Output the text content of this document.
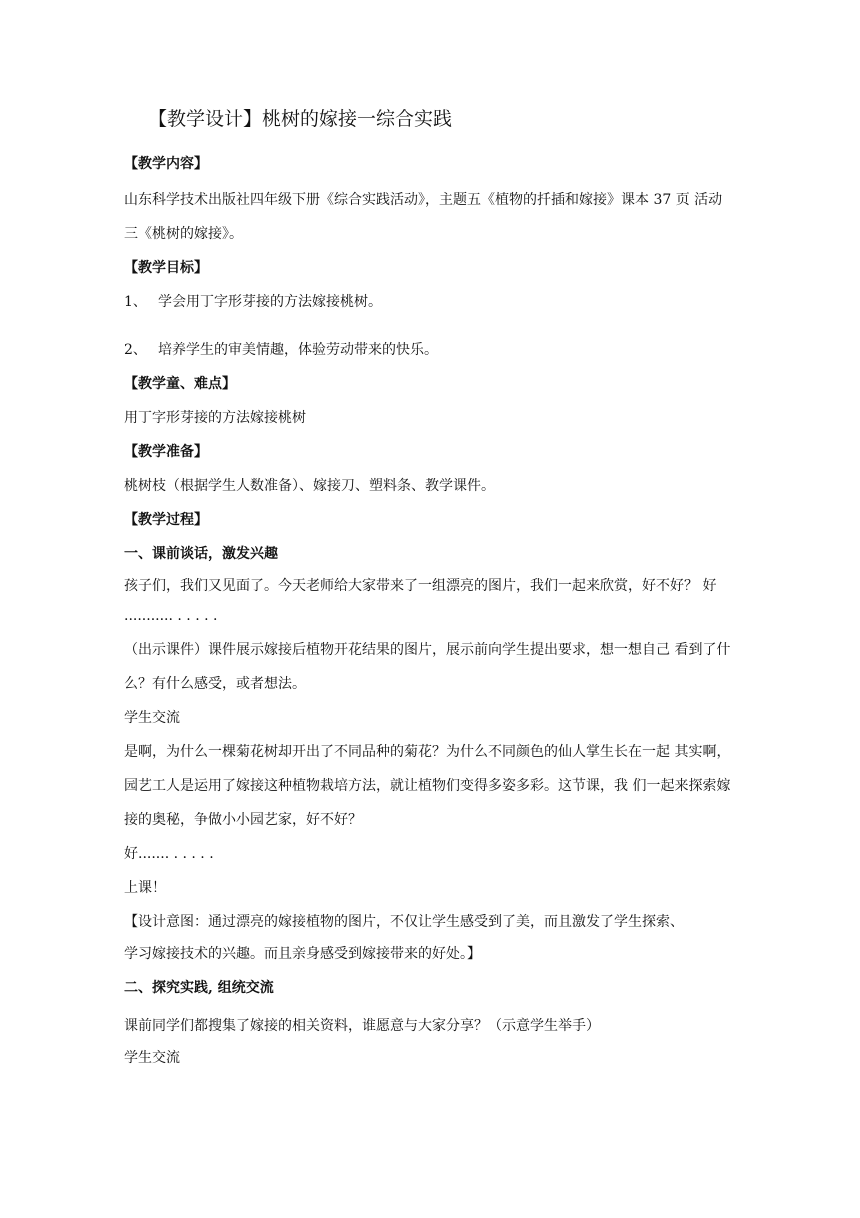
【教学设计】桃树的嫁接一综合实践
【教学内容】
山东科学技术出版社四年级下册《综合实践活动》，主题五《植物的扦插和嫁接》课本 37 页 活动
三《桃树的嫁接》。
【教学目标】
1、 学会用丁字形芽接的方法嫁接桃树。
2、 培养学生的审美情趣，体验劳动带来的快乐。
【教学童、难点】
用丁字形芽接的方法嫁接桃树
【教学准备】
桃树枝（根据学生人数准备）、嫁接刀、塑料条、教学课件。
【教学过程】
一、课前谈话，激发兴趣
孩子们，我们又见面了。今天老师给大家带来了一组漂亮的图片，我们一起来欣赏，好不好？ 好
........... . . . . .
（出示课件）课件展示嫁接后植物开花结果的图片，展示前向学生提出要求，想一想自己 看到了什
么？有什么感受，或者想法。
学生交流
是啊，为什么一棵菊花树却开出了不同品种的菊花？为什么不同颜色的仙人掌生长在一起 其实啊，
园艺工人是运用了嫁接这种植物栽培方法，就让植物们变得多姿多彩。这节课，我 们一起来探索嫁
接的奥秘，争做小小园艺家，好不好？
好....... . . . . .
上课！
【设计意图：通过漂亮的嫁接植物的图片，不仅让学生感受到了美，而且激发了学生探索、
学习嫁接技术的兴趣。而且亲身感受到嫁接带来的好处。】
二、探究实践, 组统交流
课前同学们都搜集了嫁接的相关资料，谁愿意与大家分享？（示意学生举手）
学生交流
